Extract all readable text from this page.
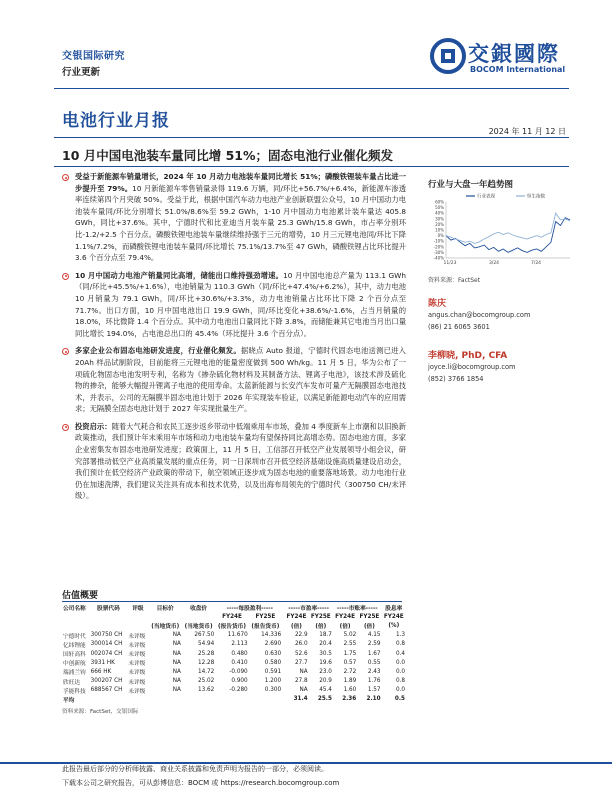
交银国际研究
行业更新
交銀國際
BOCOM International
电池行业月报
2024 年 11 月 12 日
10 月中国电池装车量同比增 51%；固态电池行业催化频发
受益于新能源车销量增长，2024 年 10 月动力电池装车量同比增长 51%；磷酸铁锂装车量占比进一步提升至 79%。10 月新能源车零售销量录得 119.6 万辆，同/环比+56.7%/+6.4%，新能源车渗透率连续第四个月突破 50%。受益于此，根据中国汽车动力电池产业创新联盟公众号，10 月中国动力电池装车量同/环比分别增长 51.0%/8.6%至 59.2 GWh，1-10 月中国动力电池累计装车量达 405.8 GWh，同比+37.6%。其中，宁德时代和比亚迪当月装车量 25.3 GWh/15.8 GWh，市占率分别环比-1.2/+2.5 个百分点。磷酸铁锂电池装车量继续维持强于三元的增势，10 月三元锂电池同/环比下降 1.1%/7.2%，而磷酸铁锂电池装车量同/环比增长 75.1%/13.7%至 47 GWh，磷酸铁锂占比环比提升 3.6 个百分点至 79.4%。
10 月中国动力电池产销量同比高增，储能出口维持强劲增速。10 月中国电池总产量为 113.1 GWh（同/环比+45.5%/+1.6%），电池销量为 110.3 GWh（同/环比+47.4%/+6.2%），其中，动力电池 10 月销量为 79.1 GWh，同/环比+30.6%/+3.3%，动力电池销量占比环比下降 2 个百分点至 71.7%。出口方面，10 月中国电池出口 19.9 GWh，同/环比变化+38.6%/-1.6%，占当月销量的 18.0%，环比微降 1.4 个百分点。其中动力电池出口量同比下降 3.8%，而储能兼其它电池当月出口量同比增长 194.0%，占电池总出口的 45.4%（环比提升 3.6 个百分点）。
多家企业公布固态电池研发进度，行业催化频发。据晓点 Auto 报道，宁德时代固态电池送测已进入 20Ah 样品试制阶段，目前能将三元锂电池的能量密度做到 500 Wh/kg。11 月 5 日，华为公布了一项硫化物固态电池发明专利，名称为《掺杂硫化物材料及其制备方法、锂离子电池》，该技术涉及硫化物的掺杂，能够大幅提升锂离子电池的使用寿命。太蓝新能源与长安汽车发布可量产无隔膜固态电池技术，并表示，公司的无隔膜半固态电池计划于 2026 年实现装车验证，以满足新能源电动汽车的应用需求；无隔膜全固态电池计划于 2027 年实现批量生产。
投资启示：随着大气耗合和农民工逐步返乡带动中低端乘用车市场，叠加 4 季度新车上市潮和以旧换新政策推动，我们预计年末乘用车市场和动力电池装车量均有望保持同比高增态势。固态电池方面，多家企业密集发布固态电池研发进度；政策面上，11 月 5 日，工信部召开低空产业发展领导小组会议，研究部署推动低空产业高质量发展的重点任务，同一日深圳市召开低空经济基础设施高质量建设启动会，我们预计在低空经济产业政策的带动下，航空领域正逐步成为固态电池的重要落地场景。动力电池行业仍在加速洗牌，我们建议关注具有成本和技术优势，以及出海布局领先的宁德时代（300750 CH/未评级）。
行业与大盘一年趋势图
60%
50%
40%
30%
20%
10%
0%
-10%
-20%
-30%
-40%
11/23	3/24	7/24
行业表现	恒生指数
资料来源：FactSet
陈庆
angus.chan@bocomgroup.com
(86) 21 6065 3601
李柳晓, PhD, CFA
joyce.li@bocomgroup.com
(852) 3766 1854
估值概要
公司名称	股票代码	评级	目标价	收盘价	-----每股盈利-----			-----市盈率-----		-----市账率-----		股息率
					FY24E	FY25E		FY24E	FY25E	FY24E	FY25E	FY24E
			(当地货币)	(当地货币)	(报告货币)	(报告货币)		(倍)	(倍)	(倍)	(倍)	(%)
宁德时代	300750 CH	未评级	NA	267.50	11.670	14.336		22.9	18.7	5.02	4.15	1.3
亿纬锂能	300014 CH	未评级	NA	54.94	2.113	2.690		26.0	20.4	2.55	2.59	0.8
国轩高科	002074 CH	未评级	NA	25.28	0.480	0.630		52.6	30.5	1.75	1.67	0.4
中创新航	3931 HK	未评级	NA	12.28	0.410	0.580		27.7	19.6	0.57	0.55	0.0
瑞浦兰钧	666 HK	未评级	NA	14.72	-0.090	0.591		NA	23.0	2.72	2.43	0.0
欣旺达	300207 CH	未评级	NA	25.02	0.900	1.200		27.8	20.9	1.89	1.76	0.8
孚能科技	688567 CH	未评级	NA	13.62	-0.280	0.300		NA	45.4	1.60	1.57	0.0
平均								31.4	25.5	2.36	2.10	0.5
资料来源：FactSet，交银国际
此报告最后部分的分析师披露、商业关系披露和免责声明为报告的一部分，必须阅读。
下载本公司之研究报告，可从彭博信息：BOCM 或 https://research.bocomgroup.com
